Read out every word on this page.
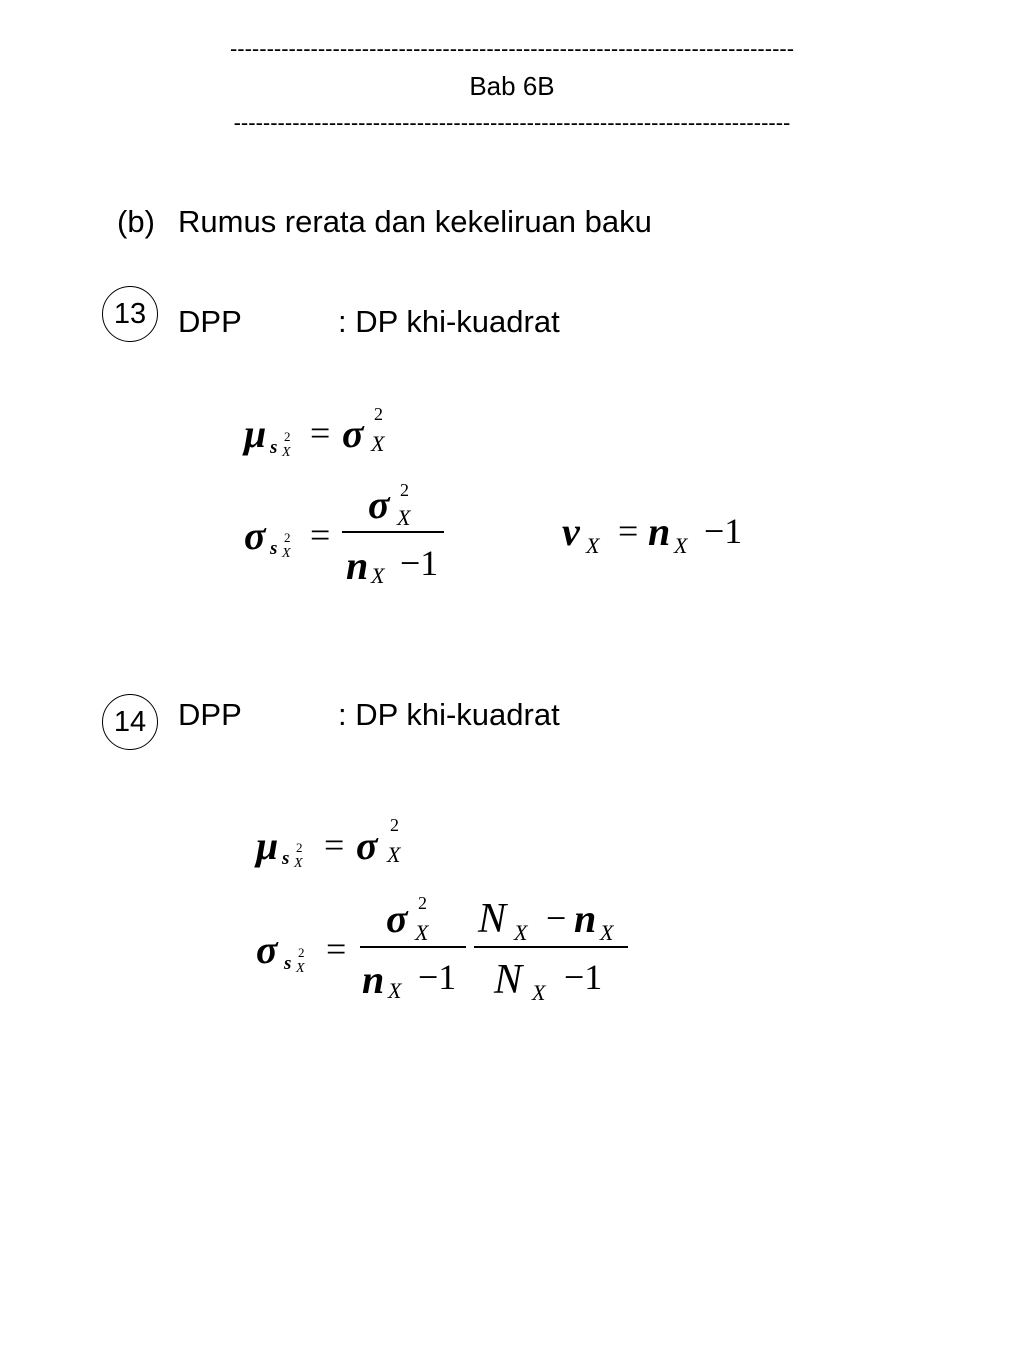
-----------------------------------------------------------------------------
Bab 6B
----------------------------------------------------------------------------
(b) Rumus rerata dan kekeliruan baku
13 DPP	: DP khi-kuadrat
μ s
2
X = σ 2
X
σ s
2
X =
σ 2
X
n X −1
ν X = n X −1
14 DPP	: DP khi-kuadrat
μ s
2
X = σ 2
X
σ s
2
X =
σ 2
X
n X −1
N X − n X
N X −1
